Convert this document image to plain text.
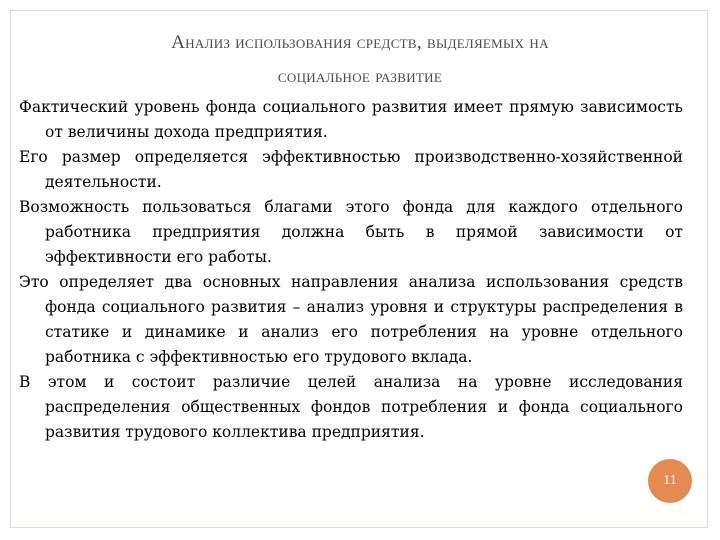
Анализ использования средств, выделяемых на
социальное развитие

Фактический уровень фонда социального развития имеет прямую зависимость от величины дохода предприятия.

Его размер определяется эффективностью производственно-хозяйственной деятельности.

Возможность пользоваться благами этого фонда для каждого отдельного работника предприятия должна быть в прямой зависимости от эффективности его работы.

Это определяет два основных направления анализа использования средств фонда социального развития – анализ уровня и структуры распределения в статике и динамике и анализ его потребления на уровне отдельного работника с эффективностью его трудового вклада.

В этом и состоит различие целей анализа на уровне исследования распределения общественных фондов потребления и фонда социального развития трудового коллектива предприятия.

11
